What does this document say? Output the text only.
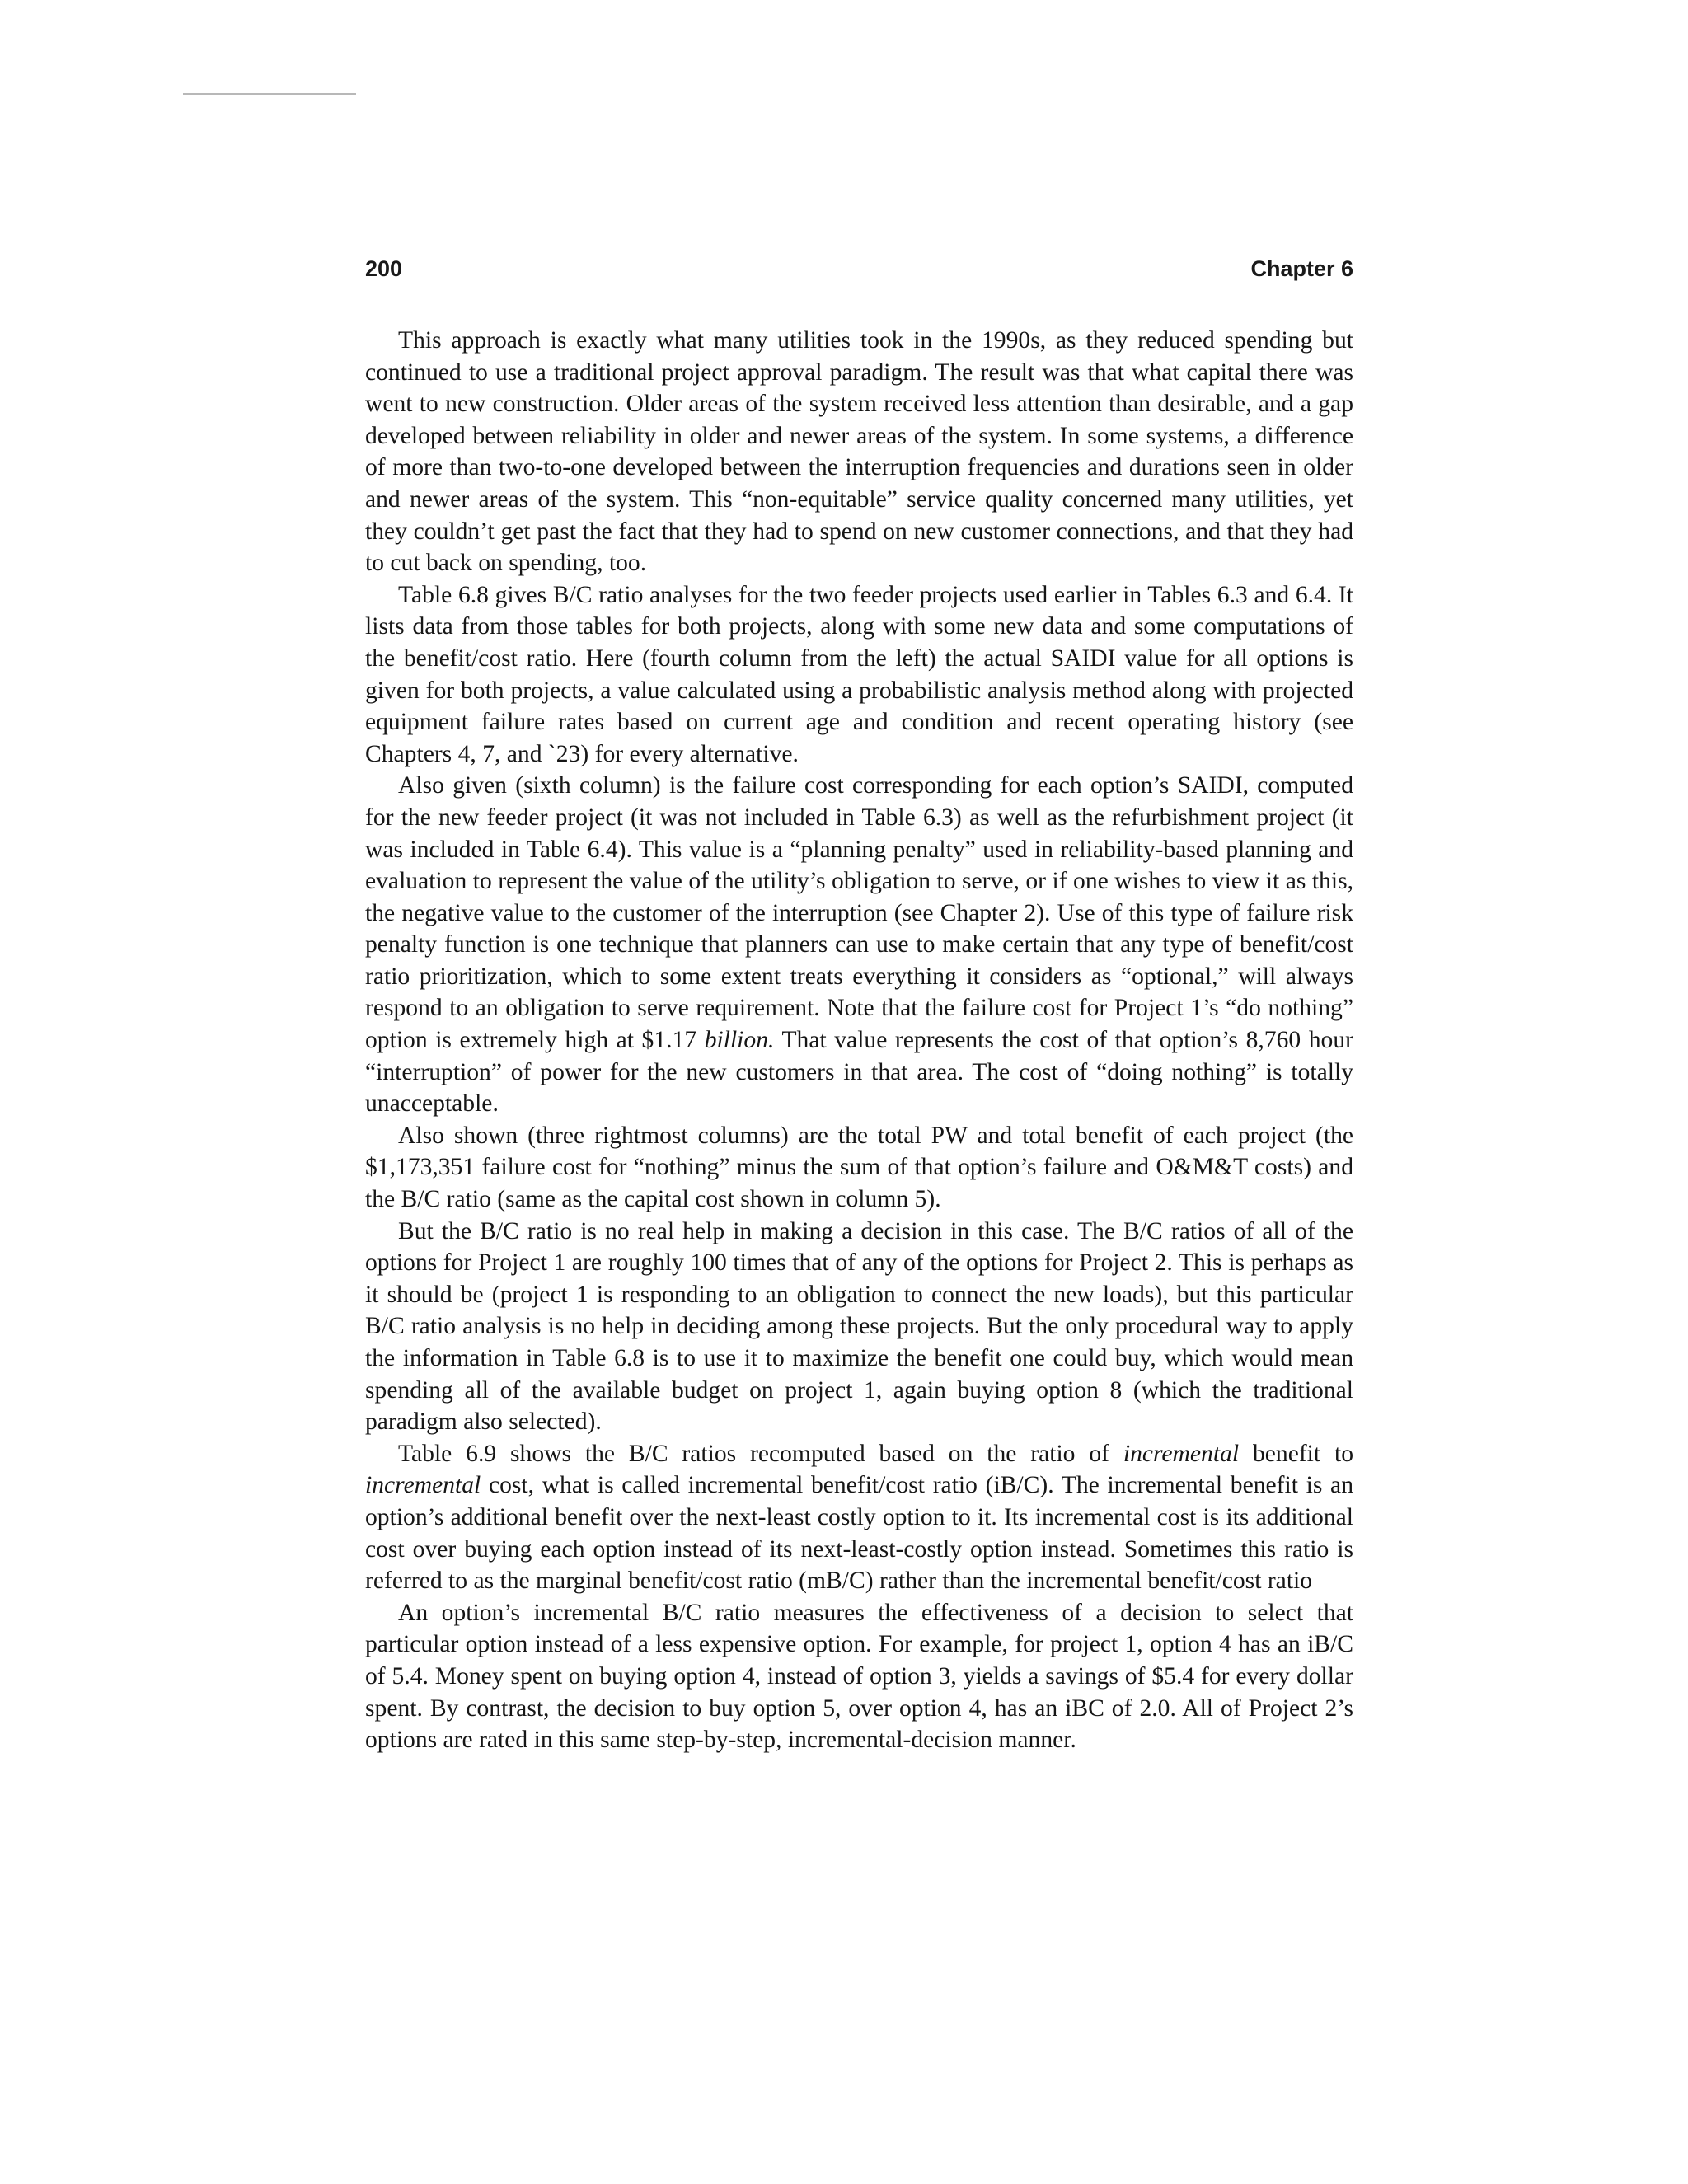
200	Chapter 6

This approach is exactly what many utilities took in the 1990s, as they reduced spending but continued to use a traditional project approval paradigm. The result was that what capital there was went to new construction. Older areas of the system received less attention than desirable, and a gap developed between reliability in older and newer areas of the system. In some systems, a difference of more than two-to-one developed between the interruption frequencies and durations seen in older and newer areas of the system. This “non-equitable” service quality concerned many utilities, yet they couldn’t get past the fact that they had to spend on new customer connections, and that they had to cut back on spending, too.

Table 6.8 gives B/C ratio analyses for the two feeder projects used earlier in Tables 6.3 and 6.4. It lists data from those tables for both projects, along with some new data and some computations of the benefit/cost ratio. Here (fourth column from the left) the actual SAIDI value for all options is given for both projects, a value calculated using a probabilistic analysis method along with projected equipment failure rates based on current age and condition and recent operating history (see Chapters 4, 7, and `23) for every alternative.

Also given (sixth column) is the failure cost corresponding for each option’s SAIDI, computed for the new feeder project (it was not included in Table 6.3) as well as the refurbishment project (it was included in Table 6.4). This value is a “planning penalty” used in reliability-based planning and evaluation to represent the value of the utility’s obligation to serve, or if one wishes to view it as this, the negative value to the customer of the interruption (see Chapter 2). Use of this type of failure risk penalty function is one technique that planners can use to make certain that any type of benefit/cost ratio prioritization, which to some extent treats everything it considers as “optional,” will always respond to an obligation to serve requirement. Note that the failure cost for Project 1’s “do nothing” option is extremely high at $1.17 billion. That value represents the cost of that option’s 8,760 hour “interruption” of power for the new customers in that area. The cost of “doing nothing” is totally unacceptable.

Also shown (three rightmost columns) are the total PW and total benefit of each project (the $1,173,351 failure cost for “nothing” minus the sum of that option’s failure and O&M&T costs) and the B/C ratio (same as the capital cost shown in column 5).

But the B/C ratio is no real help in making a decision in this case. The B/C ratios of all of the options for Project 1 are roughly 100 times that of any of the options for Project 2. This is perhaps as it should be (project 1 is responding to an obligation to connect the new loads), but this particular B/C ratio analysis is no help in deciding among these projects. But the only procedural way to apply the information in Table 6.8 is to use it to maximize the benefit one could buy, which would mean spending all of the available budget on project 1, again buying option 8 (which the traditional paradigm also selected).

Table 6.9 shows the B/C ratios recomputed based on the ratio of incremental benefit to incremental cost, what is called incremental benefit/cost ratio (iB/C). The incremental benefit is an option’s additional benefit over the next-least costly option to it. Its incremental cost is its additional cost over buying each option instead of its next-least-costly option instead. Sometimes this ratio is referred to as the marginal benefit/cost ratio (mB/C) rather than the incremental benefit/cost ratio

An option’s incremental B/C ratio measures the effectiveness of a decision to select that particular option instead of a less expensive option. For example, for project 1, option 4 has an iB/C of 5.4. Money spent on buying option 4, instead of option 3, yields a savings of $5.4 for every dollar spent. By contrast, the decision to buy option 5, over option 4, has an iBC of 2.0. All of Project 2’s options are rated in this same step-by-step, incremental-decision manner.
